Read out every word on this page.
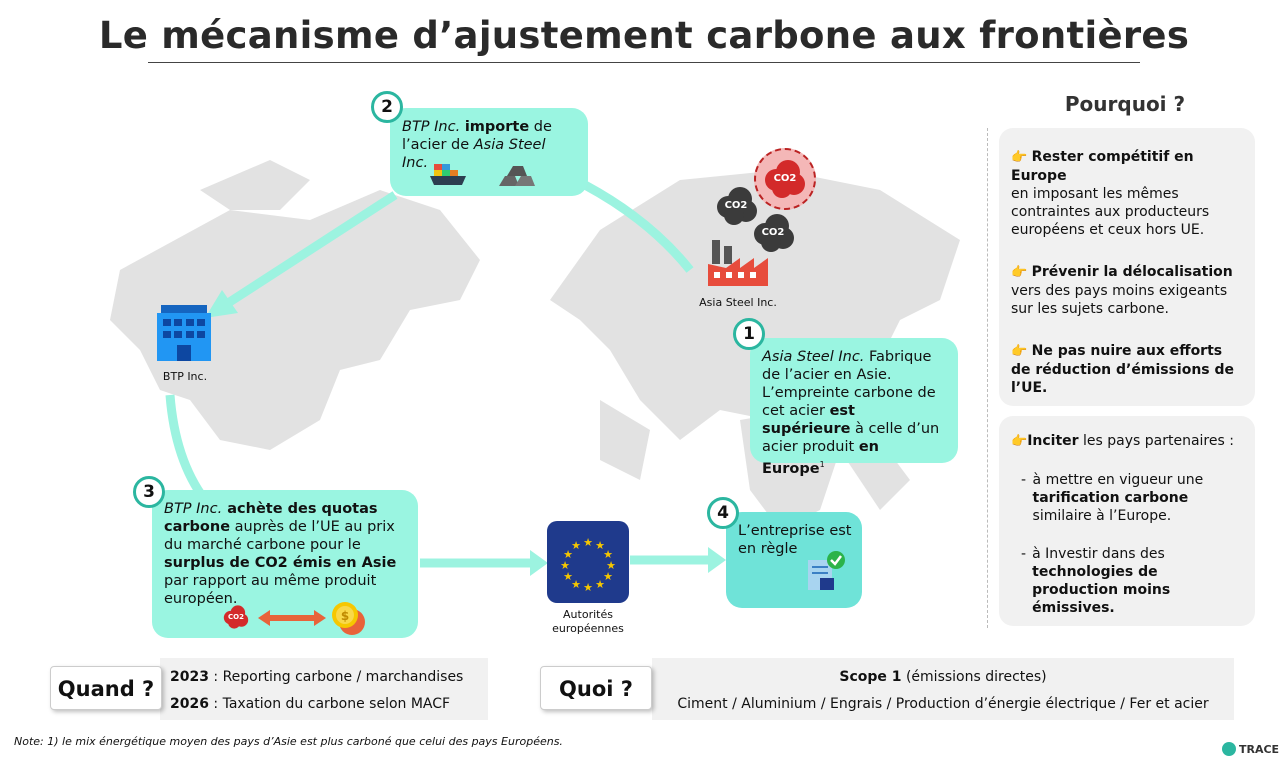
Le mécanisme d’ajustement carbone aux frontières
BTP Inc. importe de l’acier de Asia Steel Inc.
2
CO2
CO2
CO2
Asia Steel Inc.
BTP Inc.
Asia Steel Inc. Fabrique de l’acier en Asie. L’empreinte carbone de cet acier est supérieure à celle d’un acier produit en Europe$^1$
1
BTP Inc. achète des quotas carbone auprès de l’UE au prix du marché carbone pour le surplus de CO2 émis en Asie par rapport au même produit européen.
3
CO2	$
★ ★
★
★
★
★
★
★
★
★
★
★
Autorités
européennes
L’entreprise est en règle
4
Pourquoi ?
👉 Rester compétitif en Europe
en imposant les mêmes contraintes aux producteurs européens et ceux hors UE.
👉 Prévenir la délocalisation
vers des pays moins exigeants sur les sujets carbone.
👉 Ne pas nuire aux efforts de réduction d’émissions de l’UE.
👉Inciter les pays partenaires :
- à mettre en vigueur une tarification carbone similaire à l’Europe.
- à Investir dans des technologies de production moins émissives.
2023 : Reporting carbone / marchandises
2026 : Taxation du carbone selon MACF
Quand ?	Scope 1 (émissions directes)
Ciment / Aluminium / Engrais / Production d’énergie électrique / Fer et acier
Quoi ?
Note: 1) le mix énergétique moyen des pays d’Asie est plus carboné que celui des pays Européens.
TRACE
